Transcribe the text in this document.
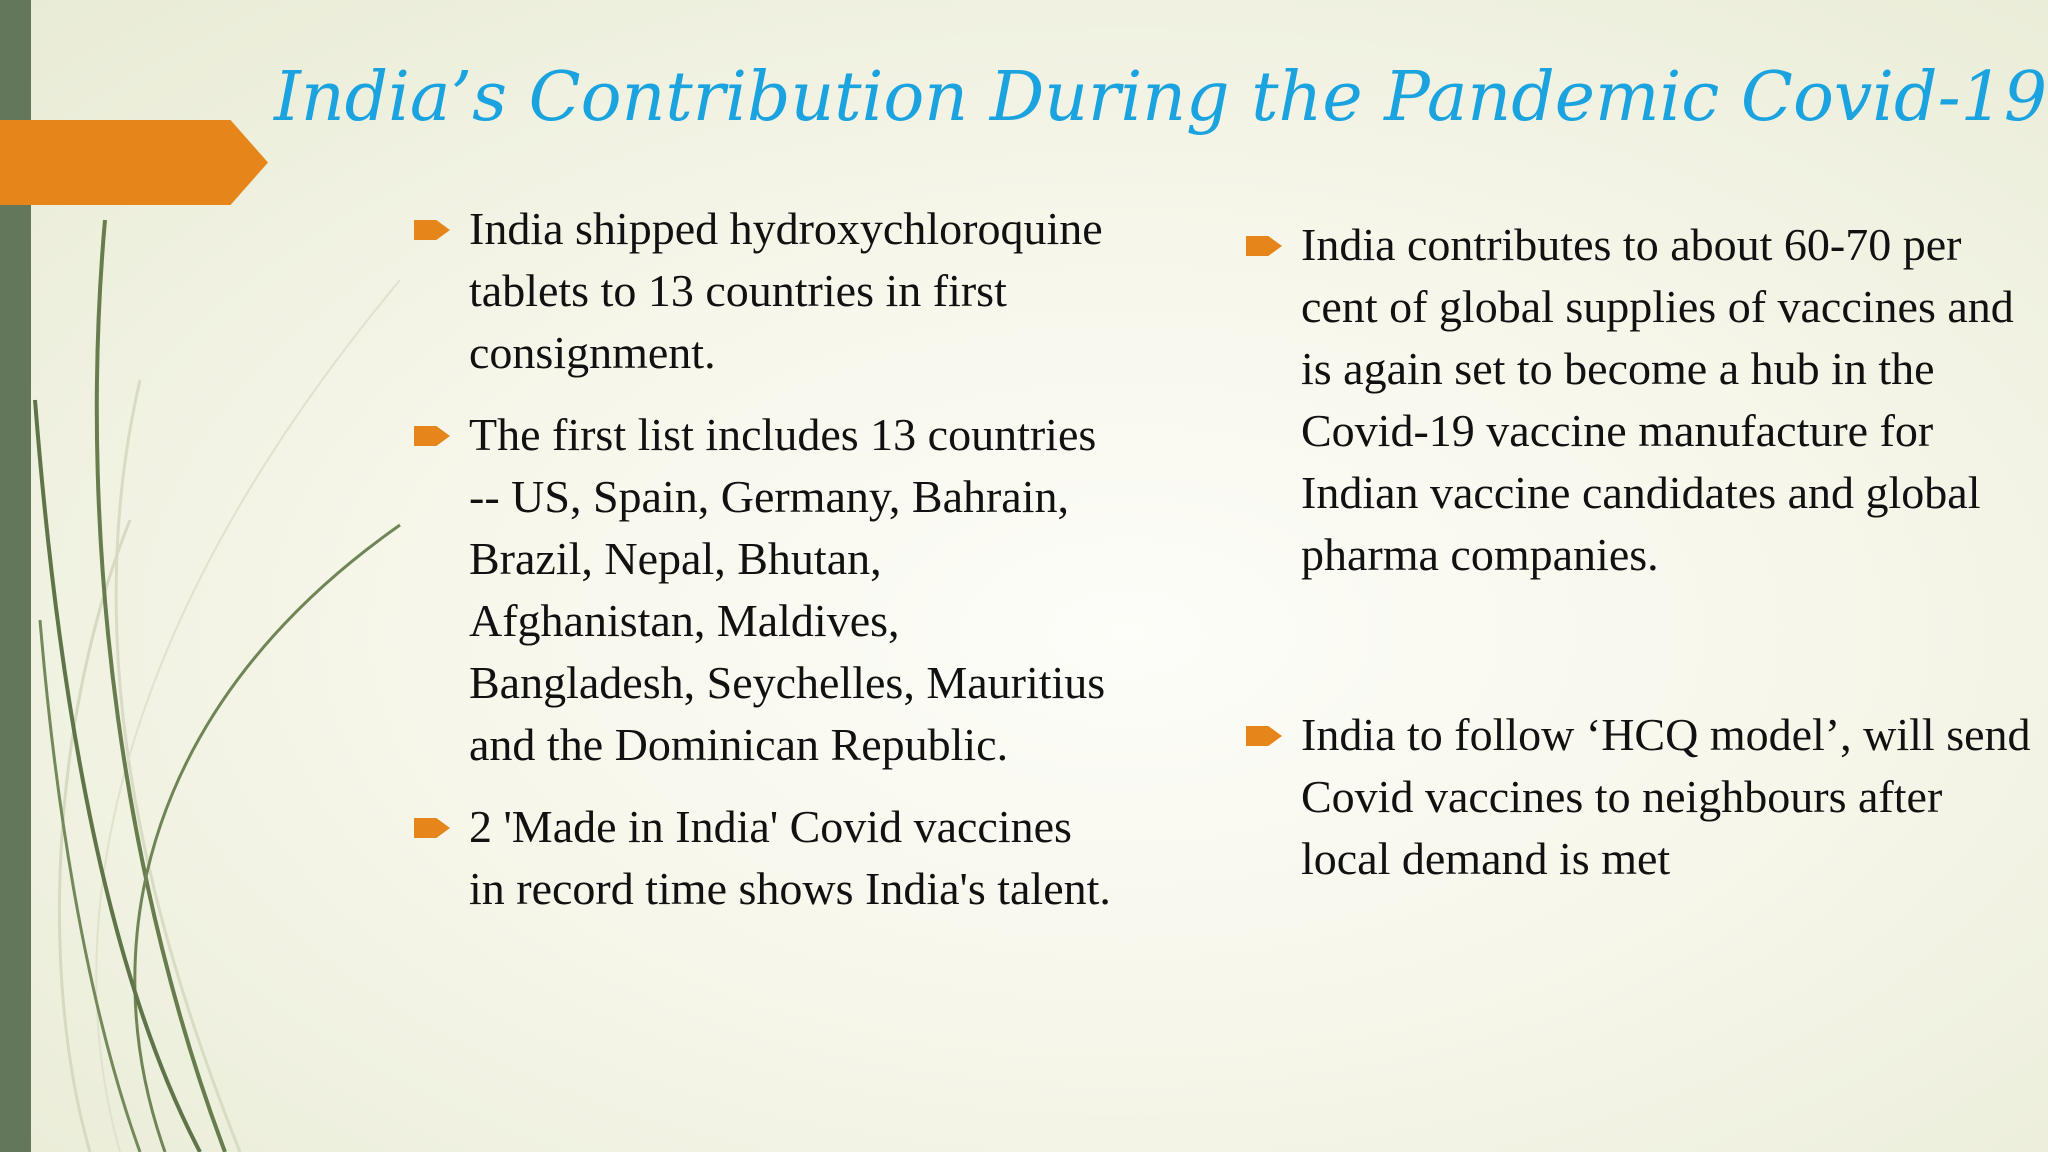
India’s Contribution During the Pandemic Covid-19
India shipped hydroxychloroquine tablets to 13 countries in first consignment.
The first list includes 13 countries -- US, Spain, Germany, Bahrain, Brazil, Nepal, Bhutan, Afghanistan, Maldives, Bangladesh, Seychelles, Mauritius and the Dominican Republic.
2 'Made in India' Covid vaccines in record time shows India's talent.
India contributes to about 60-70 per cent of global supplies of vaccines and is again set to become a hub in the Covid-19 vaccine manufacture for Indian vaccine candidates and global pharma companies.
India to follow ‘HCQ model’, will send Covid vaccines to neighbours after local demand is met
